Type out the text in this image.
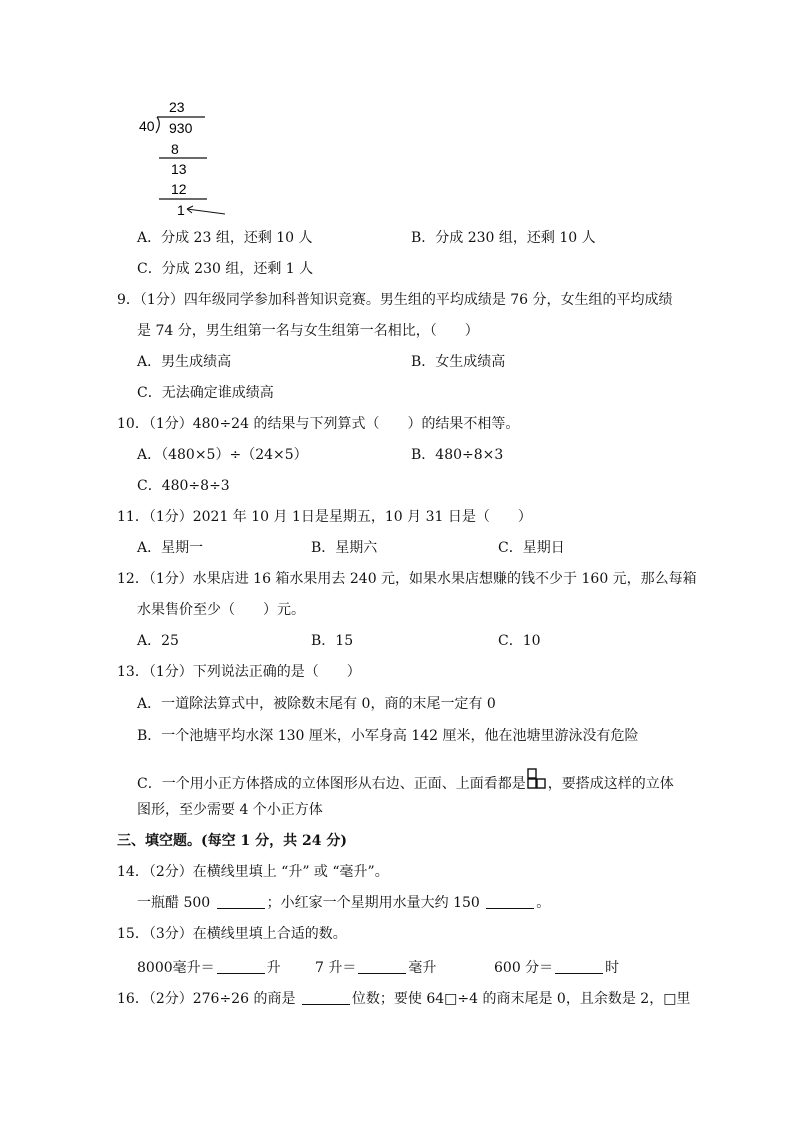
23
40 930
8
13
12
1
A．分成 23 组，还剩 10 人	B．分成 230 组，还剩 10 人
C．分成 230 组，还剩 1 人
9．（1分）四年级同学参加科普知识竞赛。男生组的平均成绩是 76 分，女生组的平均成绩
是 74 分，男生组第一名与女生组第一名相比，（　　）
A．男生成绩高	B．女生成绩高
C．无法确定谁成绩高
10．（1分）480÷24 的结果与下列算式（　　）的结果不相等。
A．（480×5）÷（24×5）	B．480÷8×3
C．480÷8÷3
11．（1分）2021 年 10 月 1日是星期五，10 月 31 日是（　　）
A．星期一	B．星期六	C．星期日
12．（1分）水果店进 16 箱水果用去 240 元，如果水果店想赚的钱不少于 160 元，那么每箱
水果售价至少（　　）元。
A．25	B．15	C．10
13．（1分）下列说法正确的是（　　）
A．一道除法算式中，被除数末尾有 0，商的末尾一定有 0
B．一个池塘平均水深 130 厘米，小军身高 142 厘米，他在池塘里游泳没有危险
C．一个用小正方体搭成的立体图形从右边、正面、上面看都是 ，要搭成这样的立体
图形，至少需要 4 个小正方体
三、填空题。(每空 1 分，共 24 分)
14．（2分）在横线里填上 “升” 或 “毫升”。
一瓶醋 500	；小红家一个星期用水量大约 150	。
15．（3分）在横线里填上合适的数。
8000毫升＝	升 7 升＝	毫升	600 分＝	时
16．（2分）276÷26 的商是	位数；要使 64□÷4 的商末尾是 0，且余数是 2，□里
